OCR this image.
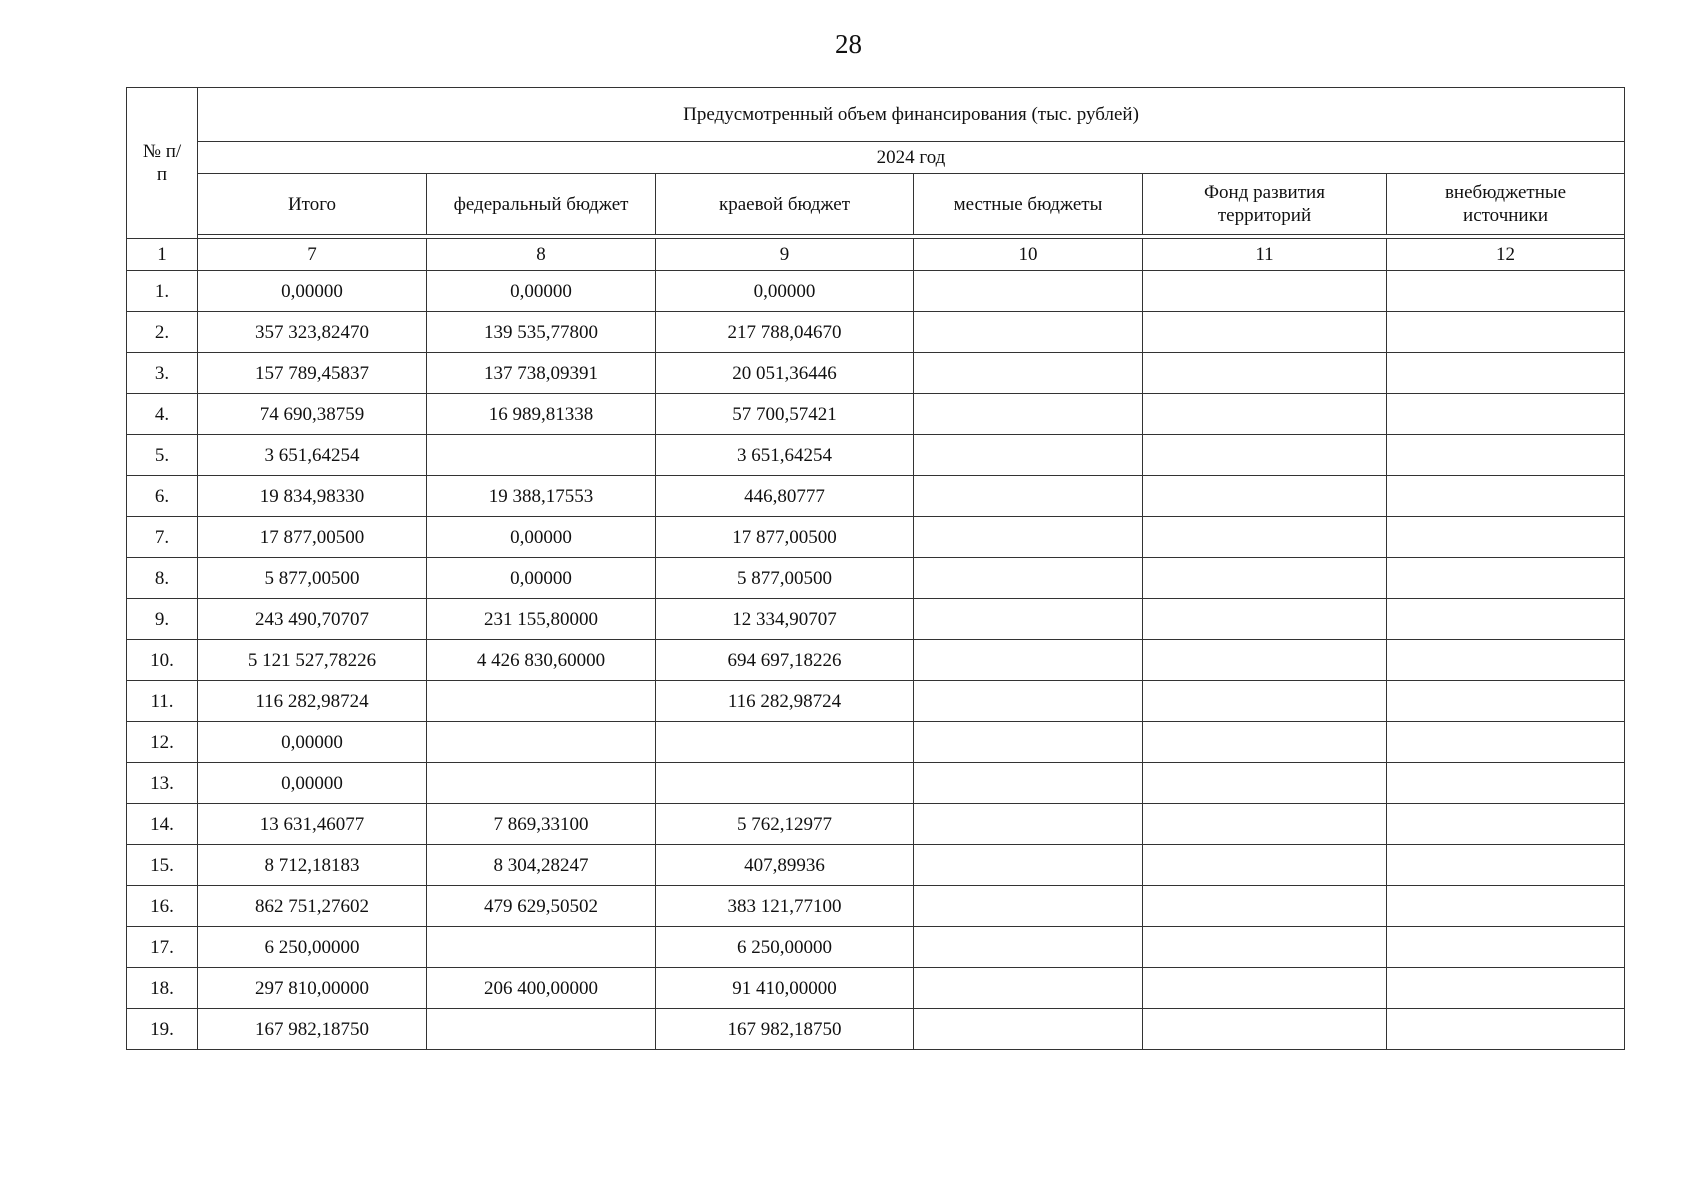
28
№ п/п	Предусмотренный объем финансирования (тыс. рублей)					
	2024 год					
	Итого	федеральный бюджет	краевой бюджет	местные бюджеты	Фонд развития территорий	внебюджетные источники

1	7	8	9	10	11	12
1.	0,00000	0,00000	0,00000			
2.	357 323,82470	139 535,77800	217 788,04670			
3.	157 789,45837	137 738,09391	20 051,36446			
4.	74 690,38759	16 989,81338	57 700,57421			
5.	3 651,64254		3 651,64254			
6.	19 834,98330	19 388,17553	446,80777			
7.	17 877,00500	0,00000	17 877,00500			
8.	5 877,00500	0,00000	5 877,00500			
9.	243 490,70707	231 155,80000	12 334,90707			
10.	5 121 527,78226	4 426 830,60000	694 697,18226			
11.	116 282,98724		116 282,98724			
12.	0,00000					
13.	0,00000					
14.	13 631,46077	7 869,33100	5 762,12977			
15.	8 712,18183	8 304,28247	407,89936			
16.	862 751,27602	479 629,50502	383 121,77100			
17.	6 250,00000		6 250,00000			
18.	297 810,00000	206 400,00000	91 410,00000			
19.	167 982,18750		167 982,18750			
